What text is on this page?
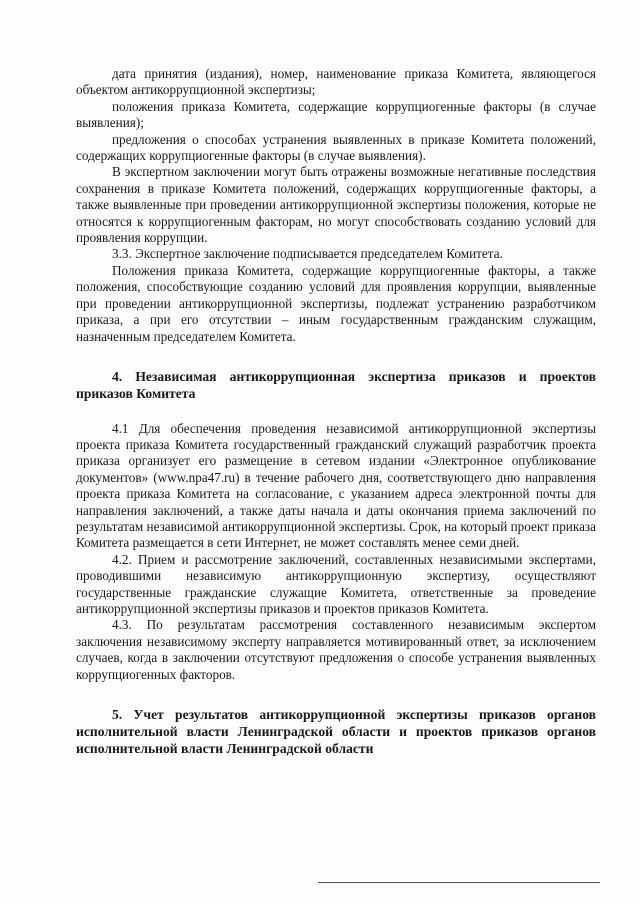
дата принятия (издания), номер, наименование приказа Комитета, являющегося объектом антикоррупционной экспертизы;

положения приказа Комитета, содержащие коррупциогенные факторы (в случае выявления);

предложения о способах устранения выявленных в приказе Комитета положений, содержащих коррупциогенные факторы (в случае выявления).

В экспертном заключении могут быть отражены возможные негативные последствия сохранения в приказе Комитета положений, содержащих коррупциогенные факторы, а также выявленные при проведении антикоррупционной экспертизы положения, которые не относятся к коррупциогенным факторам, но могут способствовать созданию условий для проявления коррупции.

3.3. Экспертное заключение подписывается председателем Комитета.

Положения приказа Комитета, содержащие коррупциогенные факторы, а также положения, способствующие созданию условий для проявления коррупции, выявленные при проведении антикоррупционной экспертизы, подлежат устранению разработчиком приказа, а при его отсутствии – иным государственным гражданским служащим, назначенным председателем Комитета.

4. Независимая антикоррупционная экспертиза приказов и проектов приказов Комитета

4.1 Для обеспечения проведения независимой антикоррупционной экспертизы проекта приказа Комитета государственный гражданский служащий разработчик проекта приказа организует его размещение в сетевом издании «Электронное опубликование документов» (www.npa47.ru) в течение рабочего дня, соответствующего дню направления проекта приказа Комитета на согласование, с указанием адреса электронной почты для направления заключений, а также даты начала и даты окончания приема заключений по результатам независимой антикоррупционной экспертизы. Срок, на который проект приказа Комитета размещается в сети Интернет, не может составлять менее семи дней.

4.2. Прием и рассмотрение заключений, составленных независимыми экспертами, проводившими независимую антикоррупционную экспертизу, осуществляют государственные гражданские служащие Комитета, ответственные за проведение антикоррупционной экспертизы приказов и проектов приказов Комитета.

4.3. По результатам рассмотрения составленного независимым экспертом заключения независимому эксперту направляется мотивированный ответ, за исключением случаев, когда в заключении отсутствуют предложения о способе устранения выявленных коррупциогенных факторов.

5. Учет результатов антикоррупционной экспертизы приказов органов исполнительной власти Ленинградской области и проектов приказов органов исполнительной власти Ленинградской области
